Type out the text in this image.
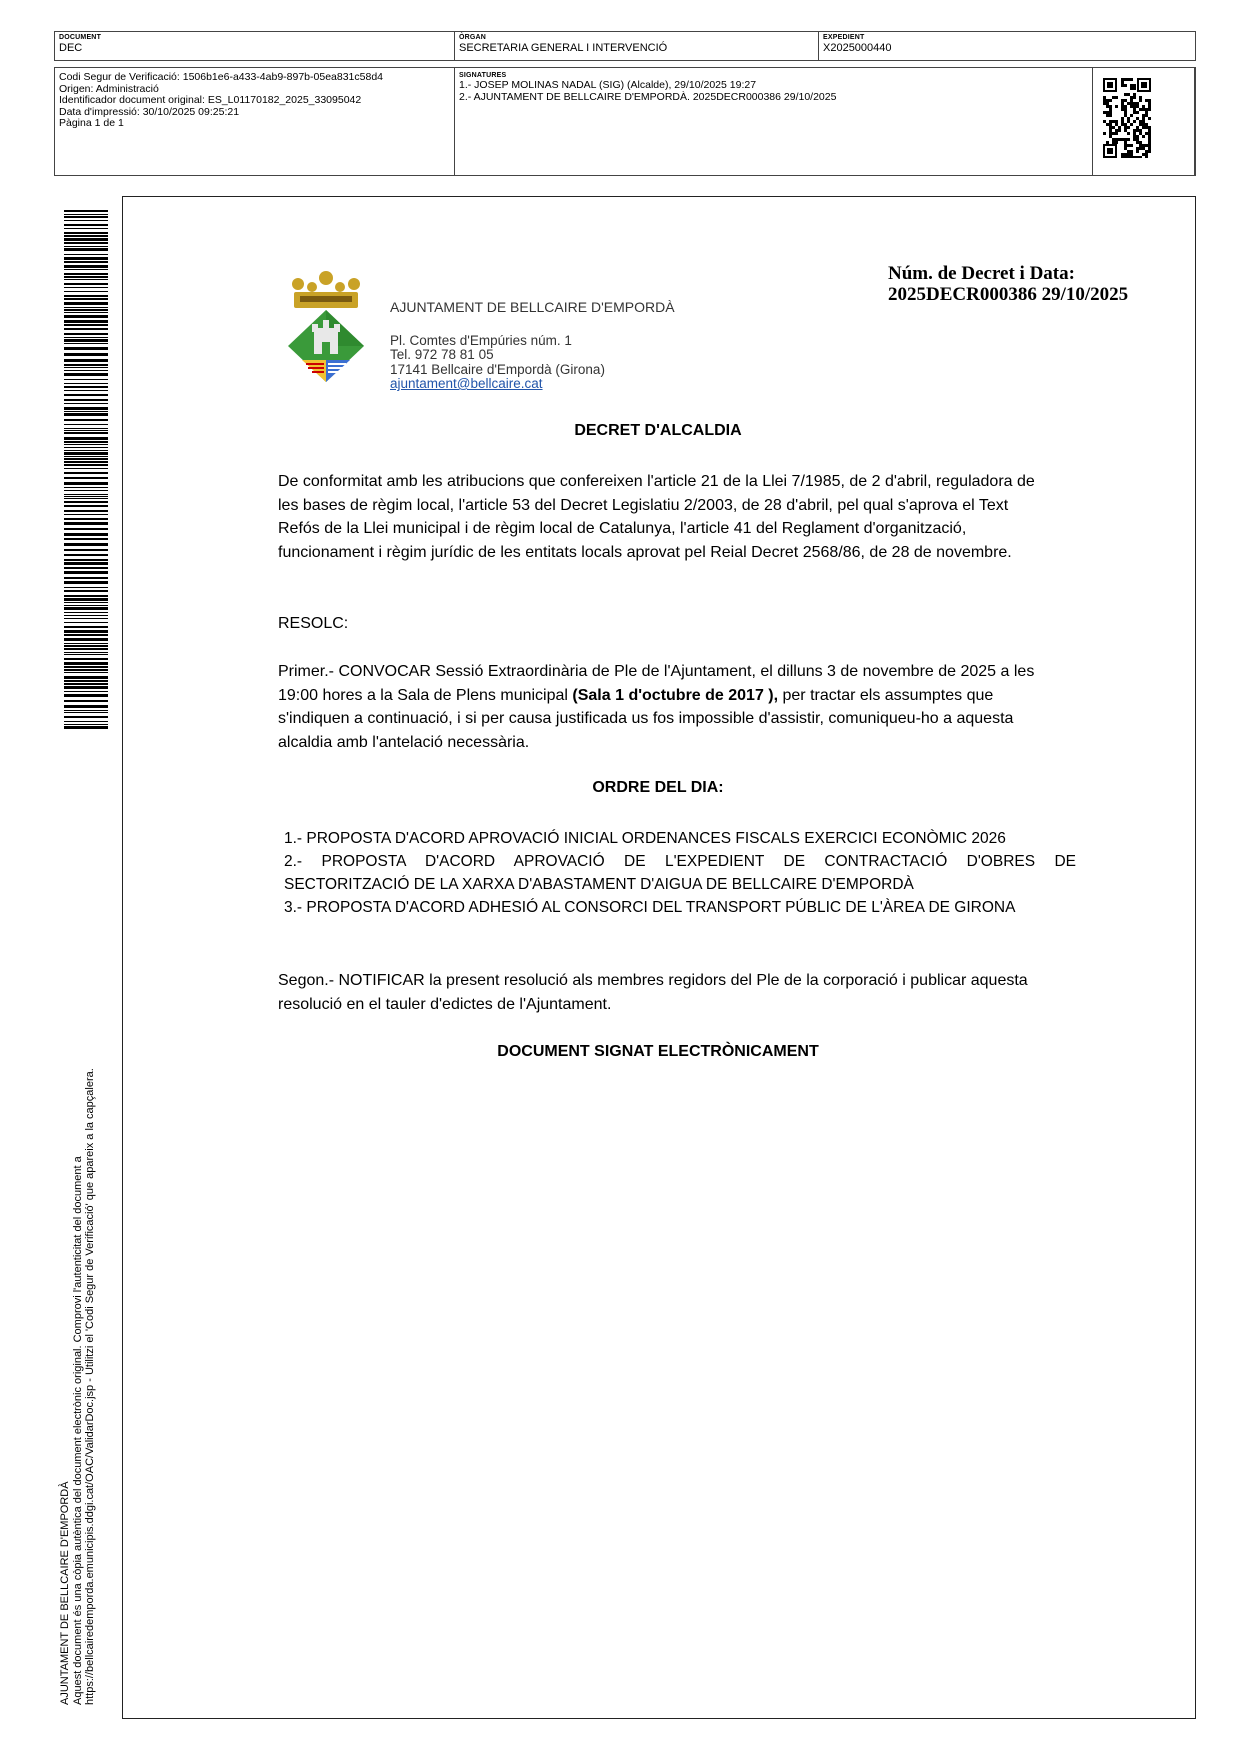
DOCUMENT
DEC
ÒRGAN
SECRETARIA GENERAL I INTERVENCIÓ
EXPEDIENT
X2025000440
Codi Segur de Verificació: 1506b1e6-a433-4ab9-897b-05ea831c58d4
Origen: Administració
Identificador document original: ES_L01170182_2025_33095042
Data d'impressió: 30/10/2025 09:25:21
Pàgina 1 de 1
SIGNATURES
1.- JOSEP MOLINAS NADAL (SIG) (Alcalde), 29/10/2025 19:27
2.- AJUNTAMENT DE BELLCAIRE D'EMPORDÀ. 2025DECR000386 29/10/2025
AJUNTAMENT DE BELLCAIRE D'EMPORDÀ Aquest document és una còpia autèntica del document electrònic original. Comprovi l'autenticitat del document a https://bellcairedemporda.emunicipis.ddgi.cat/OAC/ValidarDoc.jsp - Utilitzi el 'Codi Segur de Verificació' que apareix a la capçalera.
AJUNTAMENT DE BELLCAIRE D'EMPORDÀ
Pl. Comtes d'Empúries núm. 1
Tel. 972 78 81 05
17141 Bellcaire d'Empordà (Girona)
ajuntament@bellcaire.cat
Núm. de Decret i Data:
2025DECR000386 29/10/2025
DECRET D'ALCALDIA
De conformitat amb les atribucions que confereixen l'article 21 de la Llei 7/1985, de 2 d'abril, reguladora de les bases de règim local, l'article 53 del Decret Legislatiu 2/2003, de 28 d'abril, pel qual s'aprova el Text Refós de la Llei municipal i de règim local de Catalunya, l'article 41 del Reglament d'organització, funcionament i règim jurídic de les entitats locals aprovat pel Reial Decret 2568/86, de 28 de novembre.
RESOLC:
Primer.- CONVOCAR Sessió Extraordinària de Ple de l'Ajuntament, el dilluns 3 de novembre de 2025 a les 19:00 hores a la Sala de Plens municipal (Sala 1 d'octubre de 2017 ), per tractar els assumptes que s'indiquen a continuació, i si per causa justificada us fos impossible d'assistir, comuniqueu-ho a aquesta alcaldia amb l'antelació necessària.
ORDRE DEL DIA:
1.- PROPOSTA D'ACORD APROVACIÓ INICIAL ORDENANCES FISCALS EXERCICI ECONÒMIC 2026
2.- PROPOSTA D'ACORD APROVACIÓ DE L'EXPEDIENT DE CONTRACTACIÓ D'OBRES DE
SECTORITZACIÓ DE LA XARXA D'ABASTAMENT D'AIGUA DE BELLCAIRE D'EMPORDÀ
3.- PROPOSTA D'ACORD ADHESIÓ AL CONSORCI DEL TRANSPORT PÚBLIC DE L'ÀREA DE GIRONA
Segon.- NOTIFICAR la present resolució als membres regidors del Ple de la corporació i publicar aquesta resolució en el tauler d'edictes de l'Ajuntament.
DOCUMENT SIGNAT ELECTRÒNICAMENT
